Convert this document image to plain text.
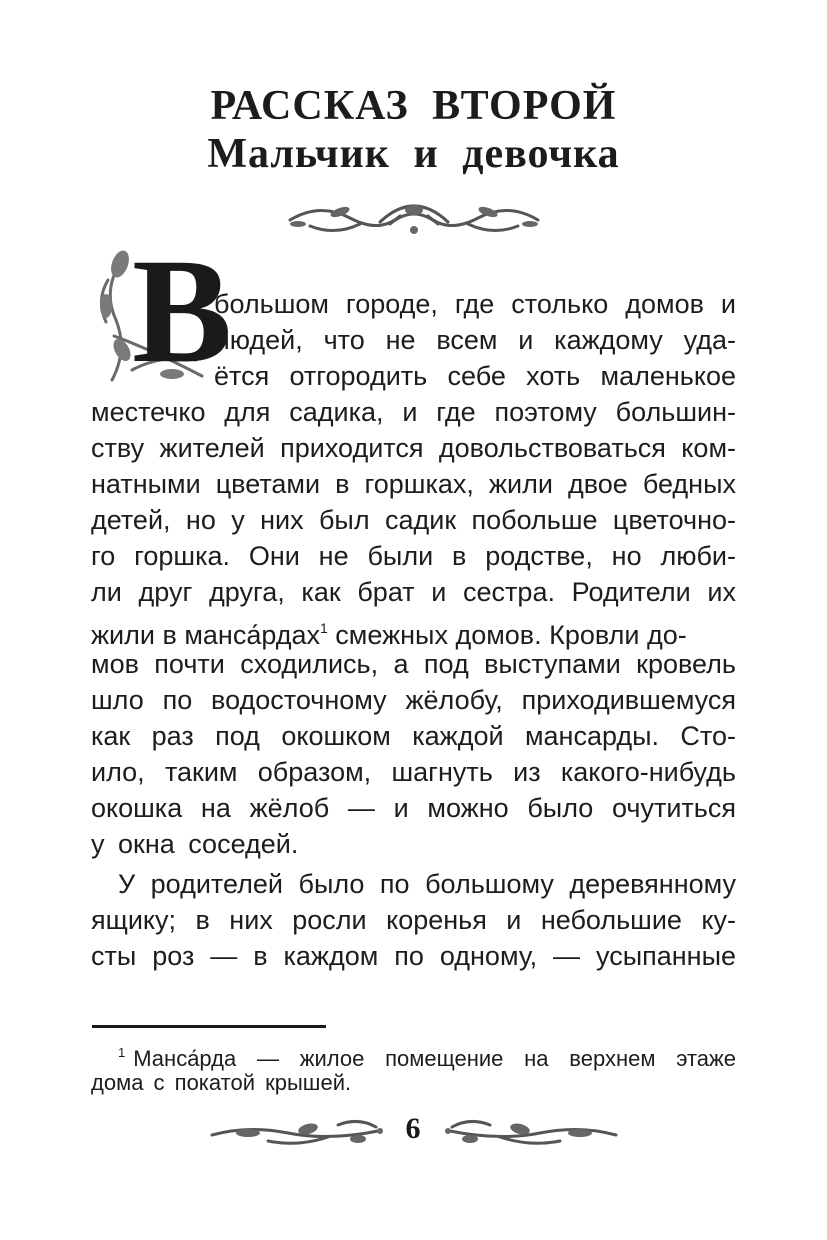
РАССКАЗ ВТОРОЙ
Мальчик и девочка
В
большом городе, где столько домов и
людей, что не всем и каждому уда-
ётся отгородить себе хоть маленькое
местечко для садика, и где поэтому большин-
ству жителей приходится довольствоваться ком-
натными цветами в горшках, жили двое бедных
детей, но у них был садик побольше цветочно-
го горшка. Они не были в родстве, но люби-
ли друг друга, как брат и сестра. Родители их
жили в манса́рдах$^1$ смежных домов. Кровли до-
мов почти сходились, а под выступами кровель
шло по водосточному жёлобу, приходившемуся
как раз под окошком каждой мансарды. Сто-
ило, таким образом, шагнуть из какого-нибудь
окошка на жёлоб — и можно было очутиться
у окна соседей.
У родителей было по большому деревянному
ящику; в них росли коренья и небольшие ку-
сты роз — в каждом по одному, — усыпанные
$^1$ Манса́рда — жилое помещение на верхнем этаже
дома с покатой крышей.
6
